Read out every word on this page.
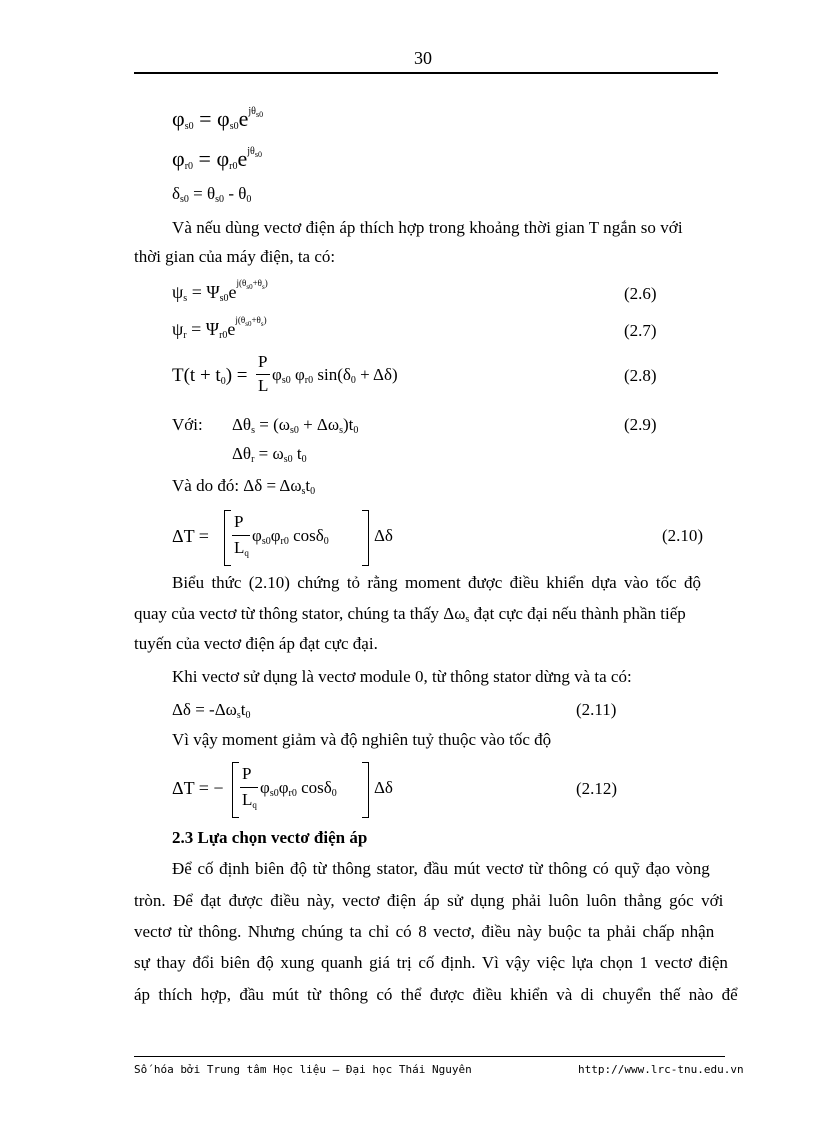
30
$\varphi_{s0} = \varphi_{s0}e^{j\theta s0}$
$\varphi_{r0} = \varphi_{r0}e^{j\theta s0}$
$\delta_{s0} = \theta_{s0} - \theta_0$
Và nếu dùng vectơ điện áp thích hợp trong khoảng thời gian T ngắn so với
thời gian của máy điện, ta có:
$\psi_s = \Psi_{s0}e^{j(\theta s0+\theta s)}$
(2.6)
$\psi_r = \Psi_{r0}e^{j(\theta s0+\theta s)}$
(2.7)
$T(t + t_0)$ =
P
L
$\varphi_{s0}$ $\varphi_{r0}$ $\sin(\delta_0 + \Delta\delta)$	(2.8)
Với: $\Delta\theta_s = (\omega_{s0} + \Delta\omega_s)t_0$	(2.9)
$\Delta\theta_r = \omega_{s0}$ $t_0$
Và do đó: $\Delta\delta = \Delta\omega_st_0$
ΔT =
P
$L_q$
$\varphi_{s0}\varphi_{r0}$ cosδ$_0$	Δδ	(2.10)
Biểu thức (2.10) chứng tỏ rằng moment được điều khiển dựa vào tốc độ
quay của vectơ từ thông stator, chúng ta thấy $\Delta\omega_s$ đạt cực đại nếu thành phần tiếp
tuyến của vectơ điện áp đạt cực đại.
Khi vectơ sử dụng là vectơ module 0, từ thông stator dừng và ta có:
$\Delta\delta = -\Delta\omega_st_0$	(2.11)
Vì vậy moment giảm và độ nghiên tuỷ thuộc vào tốc độ
ΔT = −
P
$L_q$
$\varphi_{s0}\varphi_{r0}$ cosδ$_0$ Δδ	(2.12)
2.3 Lựa chọn vectơ điện áp
Để cố định biên độ từ thông stator, đầu mút vectơ từ thông có quỹ đạo vòng
tròn. Để đạt được điều này, vectơ điện áp sử dụng phải luôn luôn thẳng góc với
vectơ từ thông. Nhưng chúng ta chỉ có 8 vectơ, điều này buộc ta phải chấp nhận
sự thay đổi biên độ xung quanh giá trị cố định. Vì vậy việc lựa chọn 1 vectơ điện
áp thích hợp, đầu mút từ thông có thể được điều khiển và di chuyển thế nào để
Số hóa bởi Trung tâm Học liệu – Đại học Thái Nguyên	http://www.lrc-tnu.edu.vn
